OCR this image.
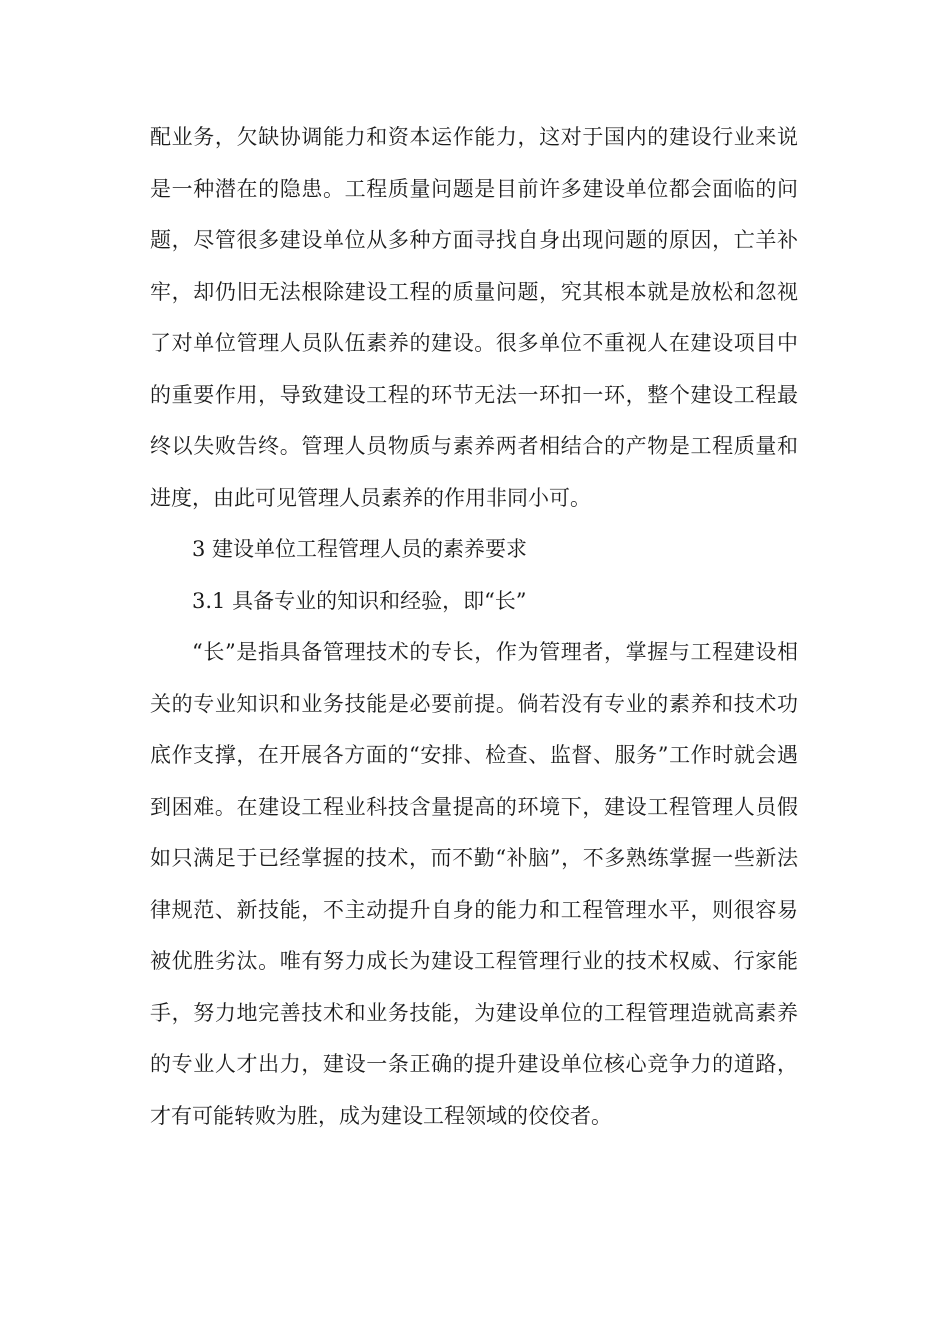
配业务，欠缺协调能力和资本运作能力，这对于国内的建设行业来说是一种潜在的隐患。工程质量问题是目前许多建设单位都会面临的问题，尽管很多建设单位从多种方面寻找自身出现问题的原因，亡羊补牢，却仍旧无法根除建设工程的质量问题，究其根本就是放松和忽视了对单位管理人员队伍素养的建设。很多单位不重视人在建设项目中的重要作用，导致建设工程的环节无法一环扣一环，整个建设工程最终以失败告终。管理人员物质与素养两者相结合的产物是工程质量和进度，由此可见管理人员素养的作用非同小可。

3 建设单位工程管理人员的素养要求

3.1 具备专业的知识和经验，即“长”

“长”是指具备管理技术的专长，作为管理者，掌握与工程建设相关的专业知识和业务技能是必要前提。倘若没有专业的素养和技术功底作支撑，在开展各方面的“安排、检查、监督、服务”工作时就会遇到困难。在建设工程业科技含量提高的环境下，建设工程管理人员假如只满足于已经掌握的技术，而不勤“补脑”，不多熟练掌握一些新法律规范、新技能，不主动提升自身的能力和工程管理水平，则很容易被优胜劣汰。唯有努力成长为建设工程管理行业的技术权威、行家能手，努力地完善技术和业务技能，为建设单位的工程管理造就高素养的专业人才出力，建设一条正确的提升建设单位核心竞争力的道路，才有可能转败为胜，成为建设工程领域的佼佼者。
